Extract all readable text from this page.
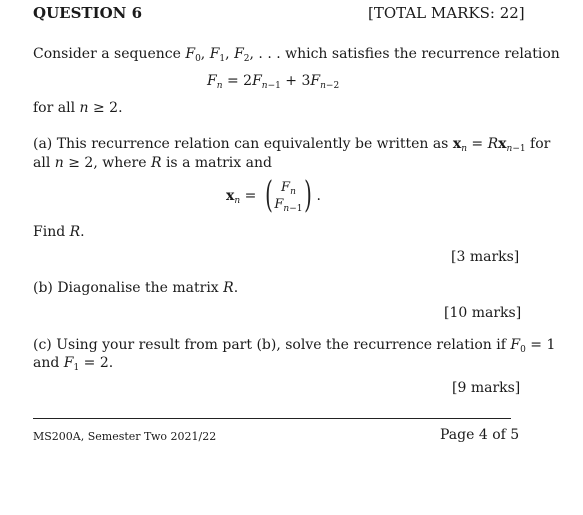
QUESTION 6	[TOTAL MARKS: 22]
Consider a sequence $F_0$, $F_1$, $F_2$, . . . which satisfies the recurrence relation
$F_n = 2F_{n-1} + 3F_{n-2}$
for all n ≥ 2.
(a) This recurrence relation can equivalently be written as $x_n = Rx_{n-1}$ for
all n ≥ 2, where R is a matrix and
$x_n$ = ( $F_n$
$F_{n-1}$ ) .
Find R.
[3 marks]
(b) Diagonalise the matrix R.
[10 marks]
(c) Using your result from part (b), solve the recurrence relation if $F_0 = 1$
and $F_1 = 2$.
[9 marks]
MS200A, Semester Two 2021/22	Page 4 of 5
